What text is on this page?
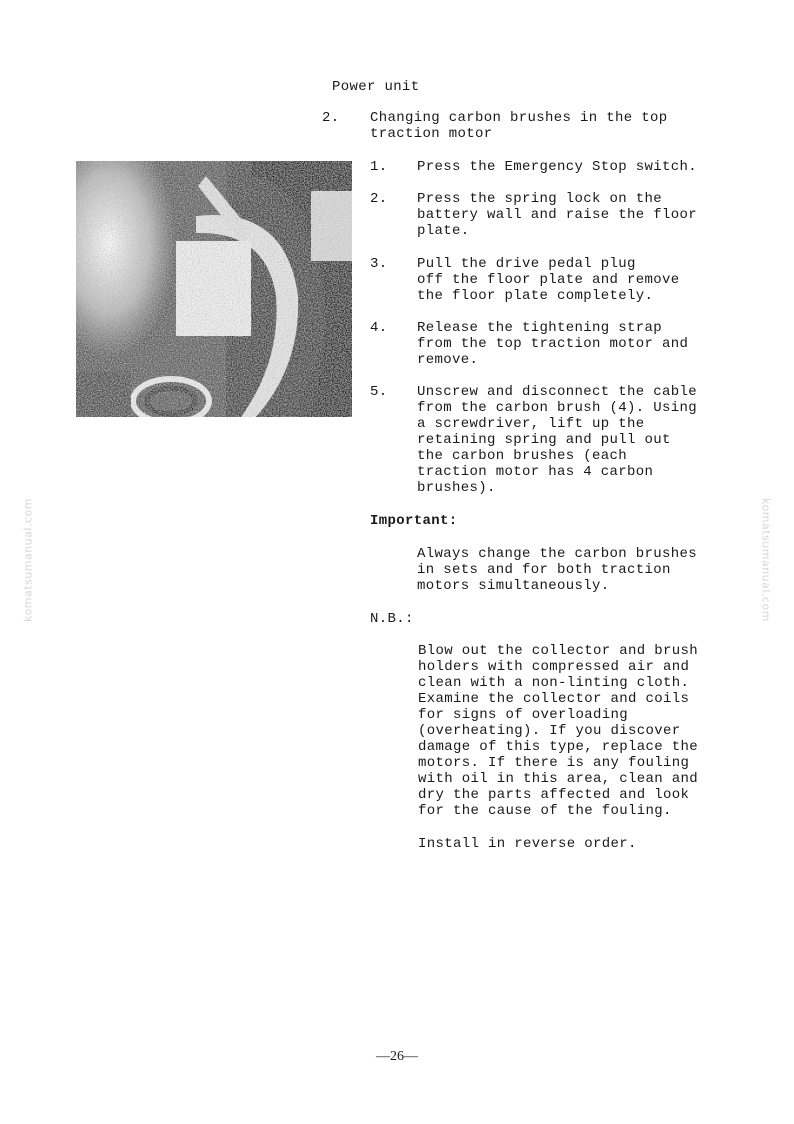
Power unit
2. Changing carbon brushes in the top
traction motor
1. Press the Emergency Stop switch.
2. Press the spring lock on the
battery wall and raise the floor
plate.
3. Pull the drive pedal plug
off the floor plate and remove
the floor plate completely.
4. Release the tightening strap
from the top traction motor and
remove.
5. Unscrew and disconnect the cable
from the carbon brush (4). Using
a screwdriver, lift up the
retaining spring and pull out
the carbon brushes (each
traction motor has 4 carbon
brushes).
Important:
Always change the carbon brushes
in sets and for both traction
motors simultaneously.
N.B.:
Blow out the collector and brush
holders with compressed air and
clean with a non-linting cloth.
Examine the collector and coils
for signs of overloading
(overheating). If you discover
damage of this type, replace the
motors. If there is any fouling
with oil in this area, clean and
dry the parts affected and look
for the cause of the fouling.
Install in reverse order.
komatsumanual.com	komatsumanual.com
—26—
